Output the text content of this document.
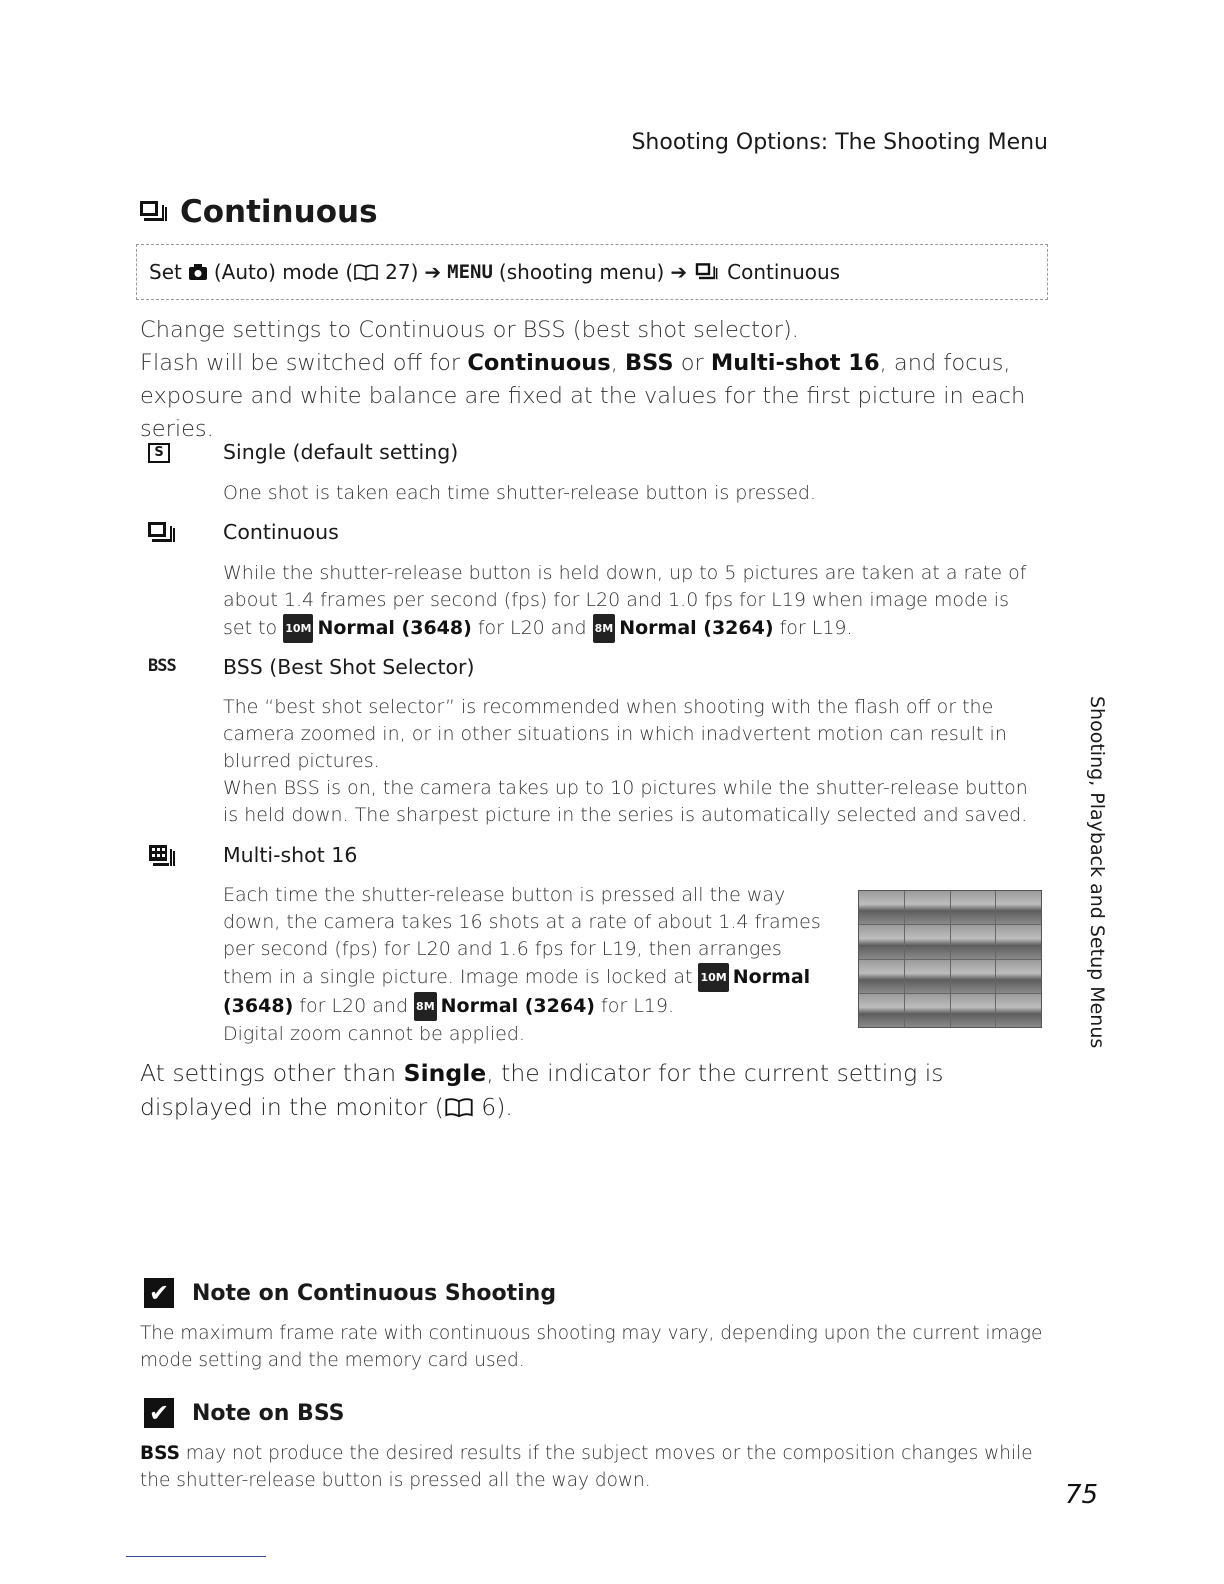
Shooting Options: The Shooting Menu
Continuous
Set (Auto) mode ( 27) ➔ MENU (shooting menu) ➔ Continuous

Change settings to Continuous or BSS (best shot selector).

Flash will be switched off for Continuous, BSS or Multi-shot 16, and focus, exposure and white balance are fixed at the values for the first picture in each series.

S	Single (default setting)
One shot is taken each time shutter-release button is pressed.
Continuous
While the shutter-release button is held down, up to 5 pictures are taken at a rate of about 1.4 frames per second (fps) for L20 and 1.0 fps for L19 when image mode is set to 10M Normal (3648) for L20 and 8M Normal (3264) for L19.
BSS BSS (Best Shot Selector)

The “best shot selector” is recommended when shooting with the flash off or the camera zoomed in, or in other situations in which inadvertent motion can result in blurred pictures.

When BSS is on, the camera takes up to 10 pictures while the shutter-release button is held down. The sharpest picture in the series is automatically selected and saved.

Multi-shot 16
Each time the shutter-release button is pressed all the way down, the camera takes 16 shots at a rate of about 1.4 frames per second (fps) for L20 and 1.6 fps for L19, then arranges them in a single picture. Image mode is locked at 10M Normal (3648) for L20 and 8M Normal (3264) for L19.
Digital zoom cannot be applied.
At settings other than Single, the indicator for the current setting is displayed in the monitor ( 6).
✔ Note on Continuous Shooting
The maximum frame rate with continuous shooting may vary, depending upon the current image mode setting and the memory card used.
✔ Note on BSS
BSS may not produce the desired results if the subject moves or the composition changes while the shutter-release button is pressed all the way down.
Shooting, Playback and Setup Menus
75
